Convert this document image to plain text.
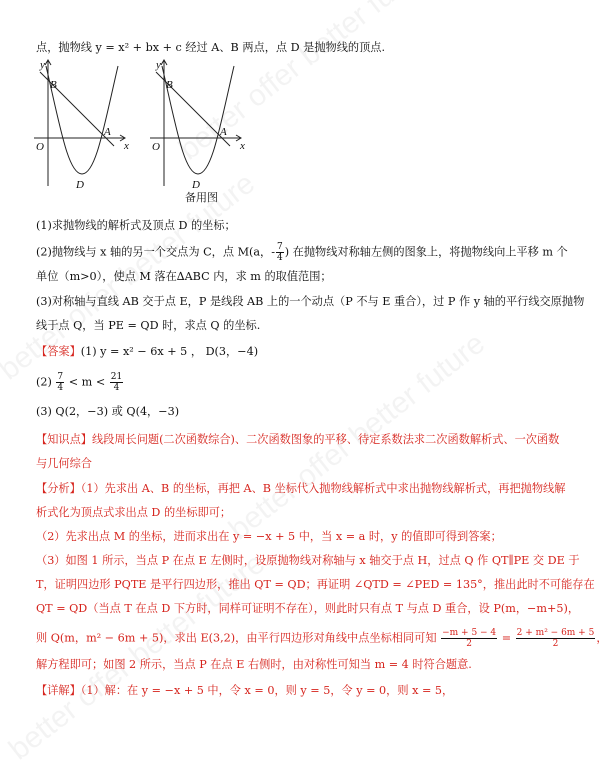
点，抛物线 y = x² + bx + c 经过 A、B 两点，点 D 是抛物线的顶点.
y
x
O
B
A
D
y
x
O
B
A
D
备用图
(1)求抛物线的解析式及顶点 D 的坐标；
(2)抛物线与 x 轴的另一个交点为 C，点 M(a，- $\frac{7}{4}$ ) 在抛物线对称轴左侧的图象上，将抛物线向上平移 m 个
单位（m>0），使点 M 落在∆ABC 内，求 m 的取值范围；
(3)对称轴与直线 AB 交于点 E，P 是线段 AB 上的一个动点（P 不与 E 重合），过 P 作 y 轴的平行线交原抛物
线于点 Q，当 PE = QD 时，求点 Q 的坐标.
【答案】(1) y = x² − 6x + 5 ， D(3，−4)
$(2) \frac{7}{4} < m < \frac{21}{4}$
(3) Q(2，−3) 或 Q(4，−3)
【知识点】线段周长问题(二次函数综合)、二次函数图象的平移、待定系数法求二次函数解析式、一次函数
与几何综合
【分析】（1）先求出 A、B 的坐标，再把 A、B 坐标代入抛物线解析式中求出抛物线解析式，再把抛物线解
析式化为顶点式求出点 D 的坐标即可；
（2）先求出点 M 的坐标，进而求出在 y = −x + 5 中，当 x = a 时，y 的值即可得到答案；
（3）如图 1 所示，当点 P 在点 E 左侧时，设原抛物线对称轴与 x 轴交于点 H，过点 Q 作 QT∥PE 交 DE 于
T，证明四边形 PQTE 是平行四边形，推出 QT = QD；再证明 ∠QTD = ∠PED = 135°，推出此时不可能存在
QT = QD（当点 T 在点 D 下方时，同样可证明不存在），则此时只有点 T 与点 D 重合，设 P(m，−m+5)，
则 Q(m，m² − 6m + 5)，求出 E(3,2)，由平行四边形对角线中点坐标相同可知 $\frac{-m + 5 - 4}{2} = \frac{\text{2 + m² − 6m + 5}}{2}$ ，
解方程即可；如图 2 所示，当点 P 在点 E 右侧时，由对称性可知当 m = 4 时符合题意.
【详解】（1）解：在 y = −x + 5 中，令 x = 0，则 y = 5，令 y = 0，则 x = 5，
